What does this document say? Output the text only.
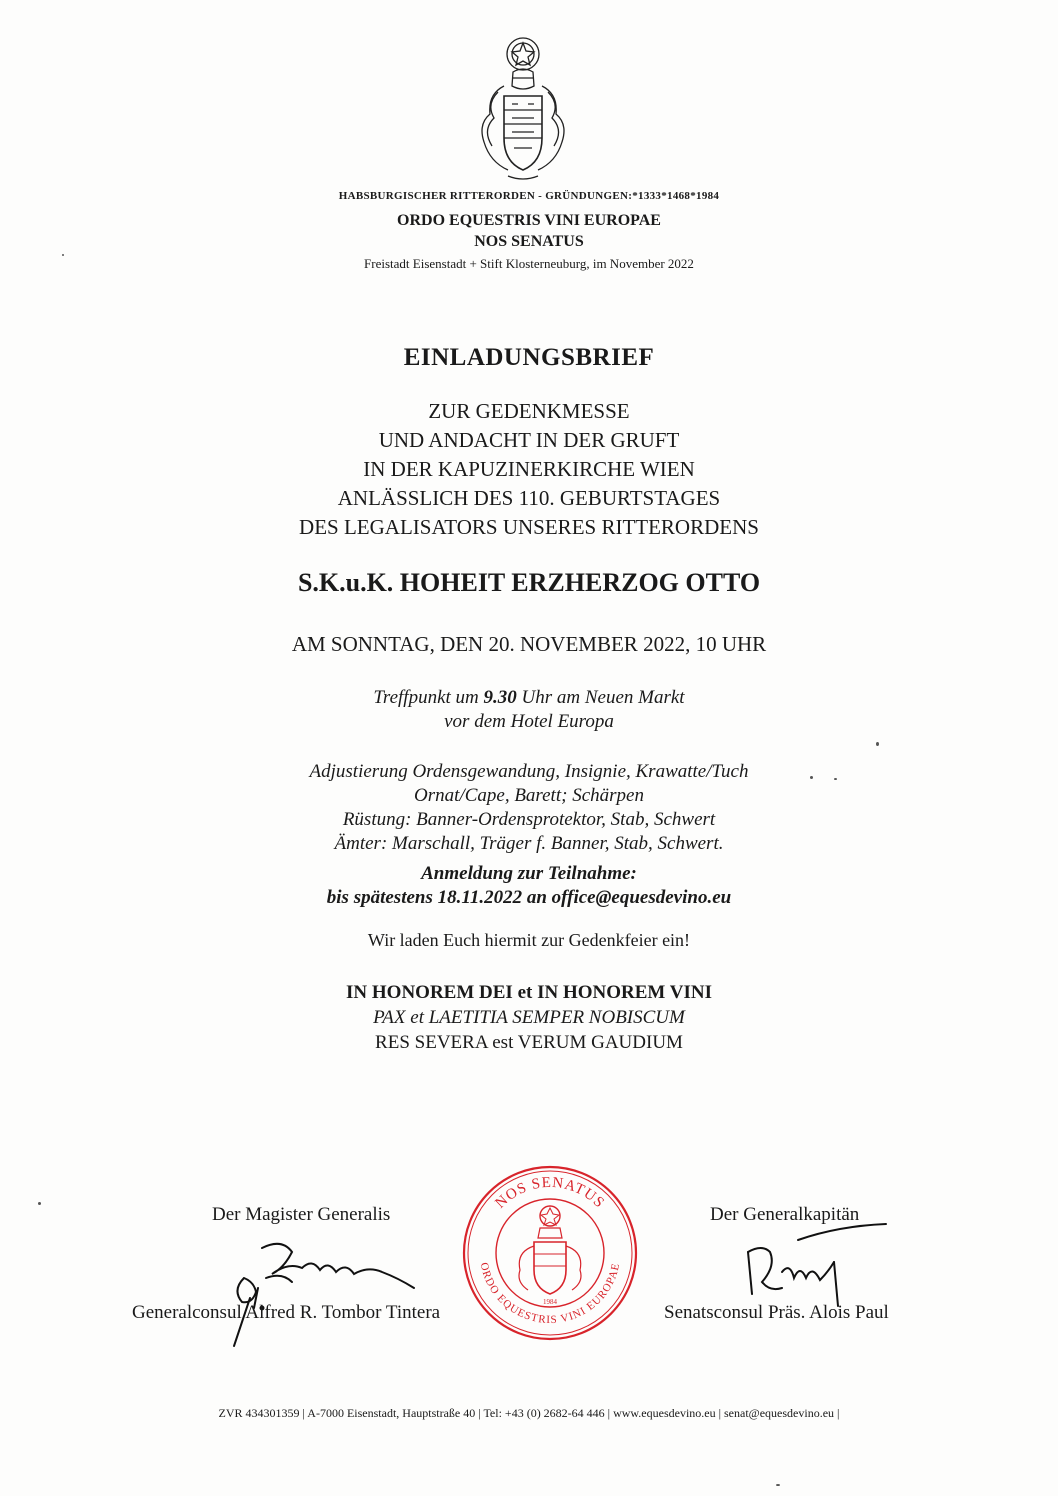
HABSBURGISCHER RITTERORDEN - GRÜNDUNGEN:*1333*1468*1984
ORDO EQUESTRIS VINI EUROPAE
NOS SENATUS
Freistadt Eisenstadt + Stift Klosterneuburg, im November 2022
EINLADUNGSBRIEF
ZUR GEDENKMESSE
UND ANDACHT IN DER GRUFT
IN DER KAPUZINERKIRCHE WIEN
ANLÄSSLICH DES 110. GEBURTSTAGES
DES LEGALISATORS UNSERES RITTERORDENS
S.K.u.K. HOHEIT ERZHERZOG OTTO
AM SONNTAG, DEN 20. NOVEMBER 2022, 10 UHR
Treffpunkt um 9.30 Uhr am Neuen Markt
vor dem Hotel Europa
Adjustierung Ordensgewandung, Insignie, Krawatte/Tuch
Ornat/Cape, Barett; Schärpen
Rüstung: Banner-Ordensprotektor, Stab, Schwert
Ämter: Marschall, Träger f. Banner, Stab, Schwert.
Anmeldung zur Teilnahme:
bis spätestens 18.11.2022 an office@equesdevino.eu
Wir laden Euch hiermit zur Gedenkfeier ein!
IN HONOREM DEI et IN HONOREM VINI
PAX et LAETITIA SEMPER NOBISCUM
RES SEVERA est VERUM GAUDIUM
Der Magister Generalis	Der Generalkapitän
NOS SENATUS
ORDO EQUESTRIS VINI EUROPAE
1984
Generalconsul Alfred R. Tombor Tintera	Senatsconsul Präs. Alois Paul
ZVR 434301359 | A-7000 Eisenstadt, Hauptstraße 40 | Tel: +43 (0) 2682-64 446 | www.equesdevino.eu | senat@equesdevino.eu |
